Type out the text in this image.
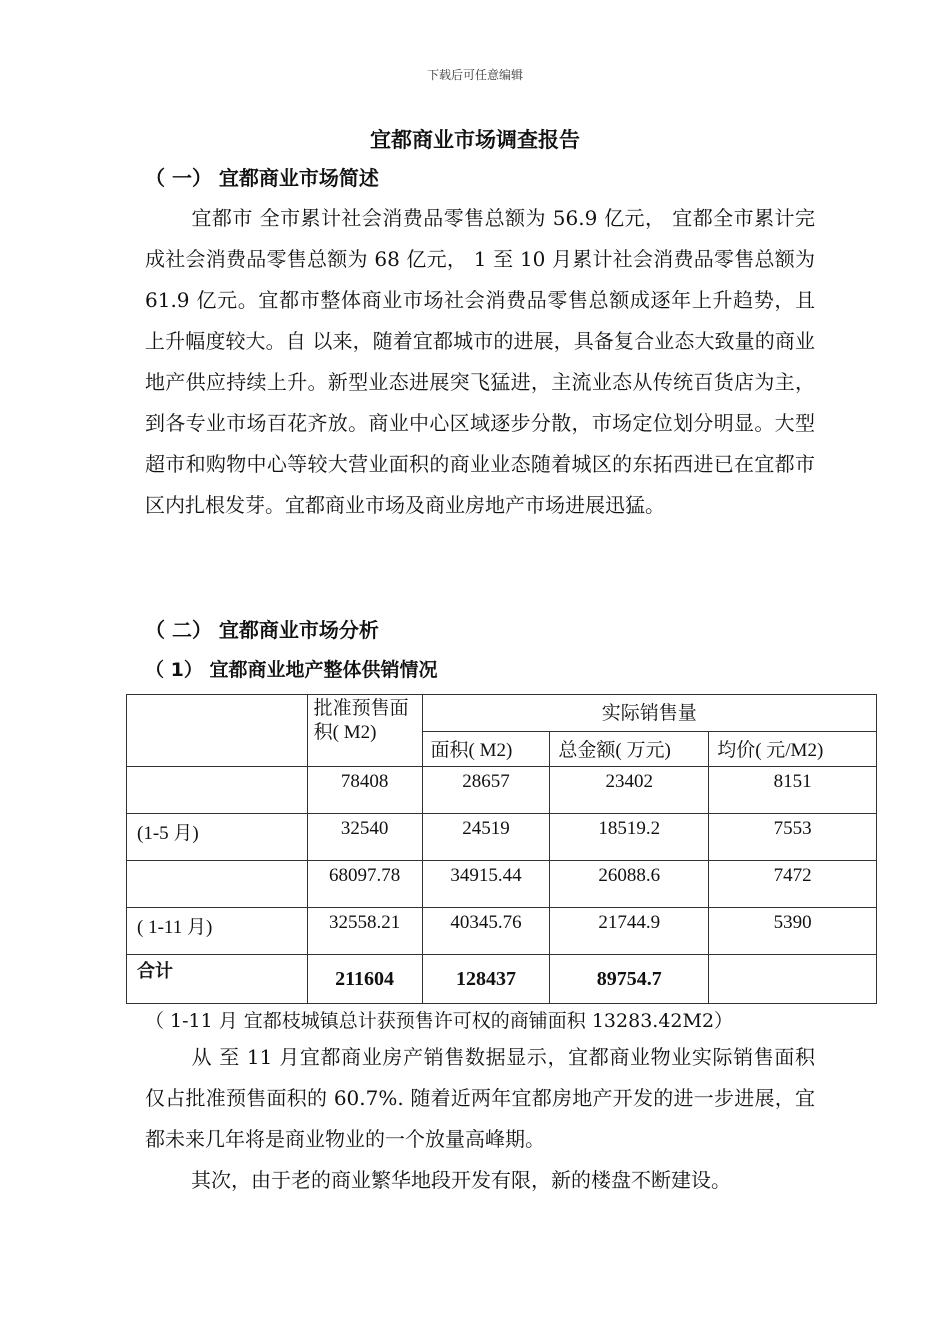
下载后可任意编辑
宜都商业市场调查报告
（ 一） 宜都商业市场简述

宜都市 全市累计社会消费品零售总额为 56.9 亿元， 宜都全市累计完成社会消费品零售总额为 68 亿元， 1 至 10 月累计社会消费品零售总额为 61.9 亿元。宜都市整体商业市场社会消费品零售总额成逐年上升趋势，且上升幅度较大。自 以来，随着宜都城市的进展，具备复合业态大致量的商业地产供应持续上升。新型业态进展突飞猛进，主流业态从传统百货店为主，到各专业市场百花齐放。商业中心区域逐步分散，市场定位划分明显。大型超市和购物中心等较大营业面积的商业业态随着城区的东拓西进已在宜都市区内扎根发芽。宜都商业市场及商业房地产市场进展迅猛。

（ 二） 宜都商业市场分析
（ 1） 宜都商业地产整体供销情况
	批准预售面积( M2)	实际销售量		
		面积( M2)	总金额( 万元)	均价( 元/M2)
	78408	28657	23402	8151
(1-5 月)	32540	24519	18519.2	7553
	68097.78	34915.44	26088.6	7472
( 1-11 月)	32558.21	40345.76	21744.9	5390
合计	211604	128437	89754.7	
（ 1-11 月 宜都枝城镇总计获预售许可权的商铺面积 13283.42M2）

从 至 11 月宜都商业房产销售数据显示，宜都商业物业实际销售面积仅占批准预售面积的 60.7%. 随着近两年宜都房地产开发的进一步进展，宜都未来几年将是商业物业的一个放量高峰期。

其次，由于老的商业繁华地段开发有限，新的楼盘不断建设。
